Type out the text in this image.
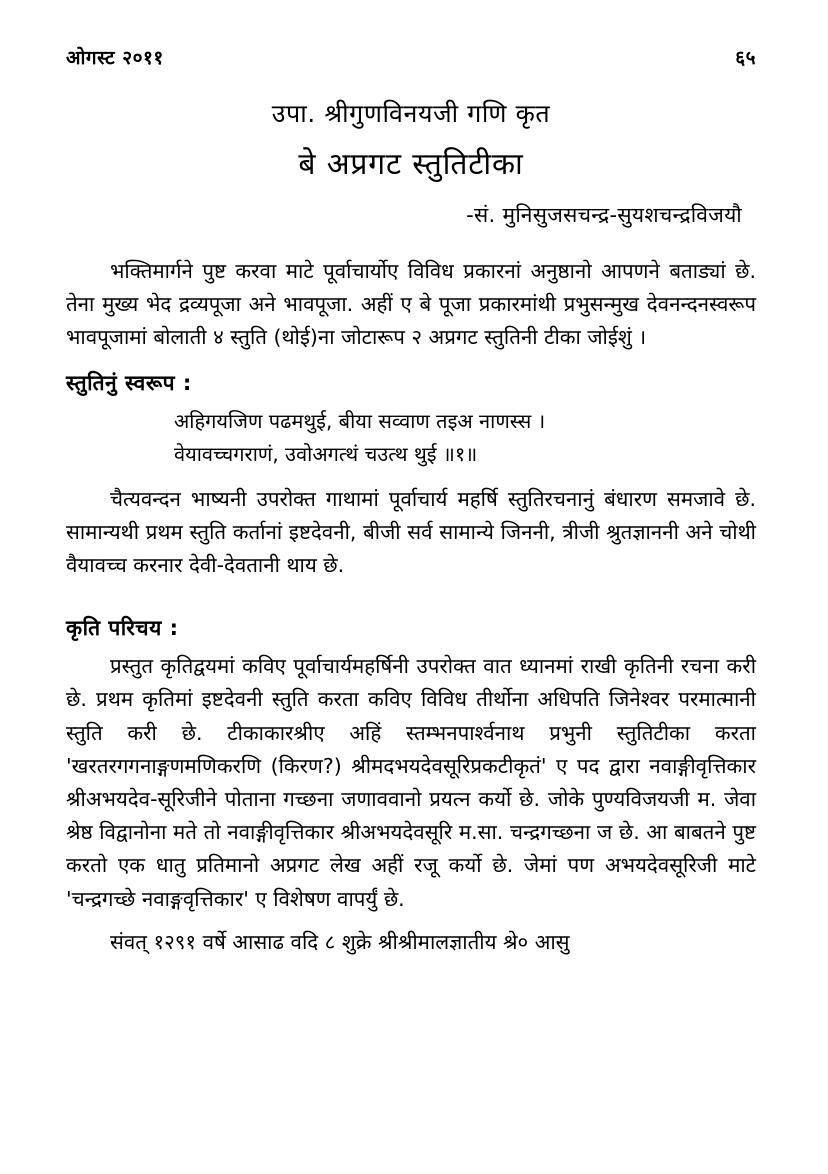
ओगस्ट २०११	६५
उपा. श्रीगुणविनयजी गणि कृत
बे अप्रगट स्तुतिटीका
-सं. मुनिसुजसचन्द्र-सुयशचन्द्रविजयौ

भक्तिमार्गने पुष्ट करवा माटे पूर्वाचार्योए विविध प्रकारनां अनुष्ठानो आपणने बताड्यां छे. तेना मुख्य भेद द्रव्यपूजा अने भावपूजा. अहीं ए बे पूजा प्रकारमांथी प्रभुसन्मुख देवनन्दनस्वरूप भावपूजामां बोलाती ४ स्तुति (थोई)ना जोटारूप २ अप्रगट स्तुतिनी टीका जोईशुं ।

स्तुतिनुं स्वरूप :
अहिगयजिण पढमथुई, बीया सव्वाण तइअ नाणस्स ।
वेयावच्चगराणं, उवोअगत्थं चउत्थ थुई ॥१॥

चैत्यवन्दन भाष्यनी उपरोक्त गाथामां पूर्वाचार्य महर्षि स्तुतिरचनानुं बंधारण समजावे छे. सामान्यथी प्रथम स्तुति कर्तानां इष्टदेवनी, बीजी सर्व सामान्ये जिननी, त्रीजी श्रुतज्ञाननी अने चोथी वैयावच्च करनार देवी-देवतानी थाय छे.

कृति परिचय :

प्रस्तुत कृतिद्वयमां कविए पूर्वाचार्यमहर्षिनी उपरोक्त वात ध्यानमां राखी कृतिनी रचना करी छे. प्रथम कृतिमां इष्टदेवनी स्तुति करता कविए विविध तीर्थोना अधिपति जिनेश्वर परमात्मानी स्तुति करी छे. टीकाकारश्रीए अहिं स्तम्भनपार्श्वनाथ प्रभुनी स्तुतिटीका करता 'खरतरगगनाङ्गणमणिकरणि (किरण?) श्रीमदभयदेवसूरिप्रकटीकृतं' ए पद द्वारा नवाङ्गीवृत्तिकार श्रीअभयदेव-सूरिजीने पोताना गच्छना जणाववानो प्रयत्न कर्यो छे. जोके पुण्यविजयजी म. जेवा श्रेष्ठ विद्वानोना मते तो नवाङ्गीवृत्तिकार श्रीअभयदेवसूरि म.सा. चन्द्रगच्छना ज छे. आ बाबतने पुष्ट करतो एक धातु प्रतिमानो अप्रगट लेख अहीं रजू कर्यो छे. जेमां पण अभयदेवसूरिजी माटे 'चन्द्रगच्छे नवाङ्गवृत्तिकार' ए विशेषण वापर्युं छे.

संवत् १२९१ वर्षे आसाढ वदि ८ शुक्रे श्रीश्रीमालज्ञातीय श्रे० आसु
